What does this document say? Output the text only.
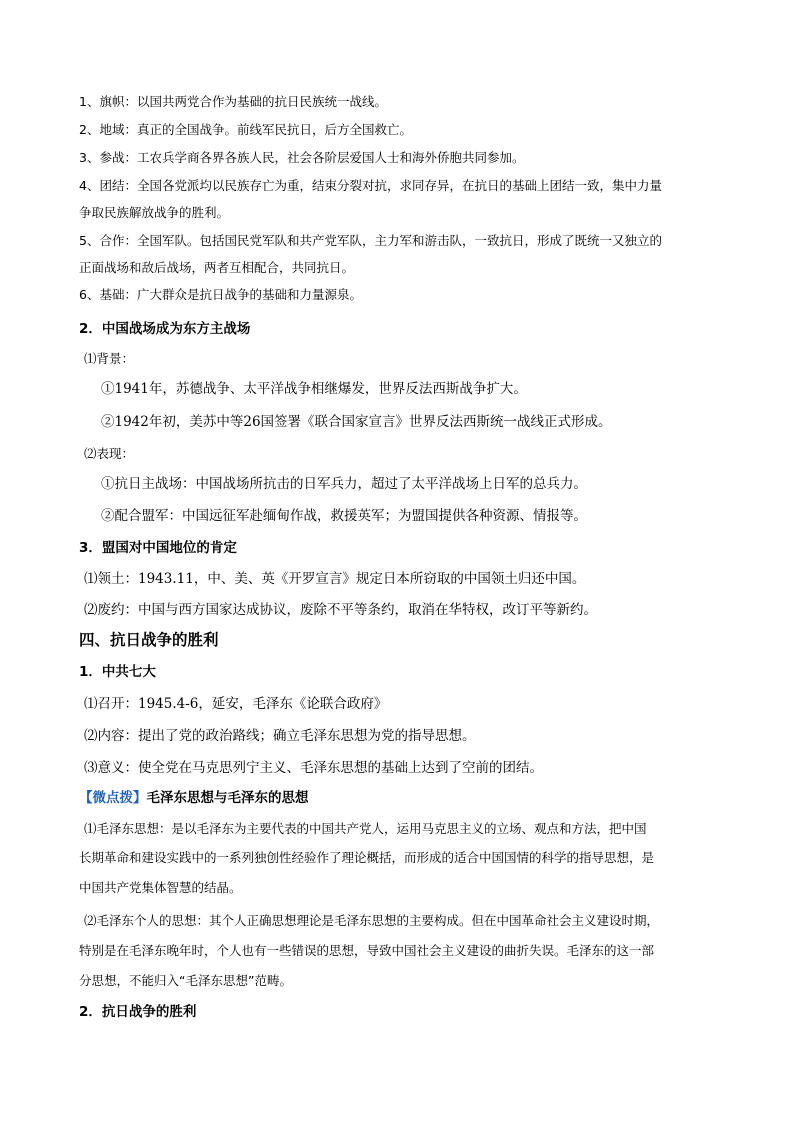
1、旗帜：以国共两党合作为基础的抗日民族统一战线。
2、地域：真正的全国战争。前线军民抗日，后方全国救亡。
3、参战：工农兵学商各界各族人民，社会各阶层爱国人士和海外侨胞共同参加。
4、团结：全国各党派均以民族存亡为重，结束分裂对抗，求同存异，在抗日的基础上团结一致，集中力量
争取民族解放战争的胜利。
5、合作：全国军队。包括国民党军队和共产党军队，主力军和游击队，一致抗日，形成了既统一又独立的
正面战场和敌后战场，两者互相配合，共同抗日。
6、基础：广大群众是抗日战争的基础和力量源泉。
2．中国战场成为东方主战场
⑴背景：
①1941年，苏德战争、太平洋战争相继爆发，世界反法西斯战争扩大。
②1942年初，美苏中等26国签署《联合国家宣言》世界反法西斯统一战线正式形成。
⑵表现：
①抗日主战场：中国战场所抗击的日军兵力，超过了太平洋战场上日军的总兵力。
②配合盟军：中国远征军赴缅甸作战，救援英军；为盟国提供各种资源、情报等。
3．盟国对中国地位的肯定
⑴领土：1943.11，中、美、英《开罗宣言》规定日本所窃取的中国领土归还中国。
⑵废约：中国与西方国家达成协议，废除不平等条约，取消在华特权，改订平等新约。
四、抗日战争的胜利
1．中共七大
⑴召开：1945.4-6，延安，毛泽东《论联合政府》
⑵内容：提出了党的政治路线；确立毛泽东思想为党的指导思想。
⑶意义：使全党在马克思列宁主义、毛泽东思想的基础上达到了空前的团结。
【微点拨】毛泽东思想与毛泽东的思想
⑴毛泽东思想：是以毛泽东为主要代表的中国共产党人，运用马克思主义的立场、观点和方法，把中国
长期革命和建设实践中的一系列独创性经验作了理论概括，而形成的适合中国国情的科学的指导思想，是
中国共产党集体智慧的结晶。
⑵毛泽东个人的思想：其个人正确思想理论是毛泽东思想的主要构成。但在中国革命社会主义建设时期，
特别是在毛泽东晚年时，个人也有一些错误的思想，导致中国社会主义建设的曲折失误。毛泽东的这一部
分思想，不能归入“毛泽东思想”范畴。
2．抗日战争的胜利
